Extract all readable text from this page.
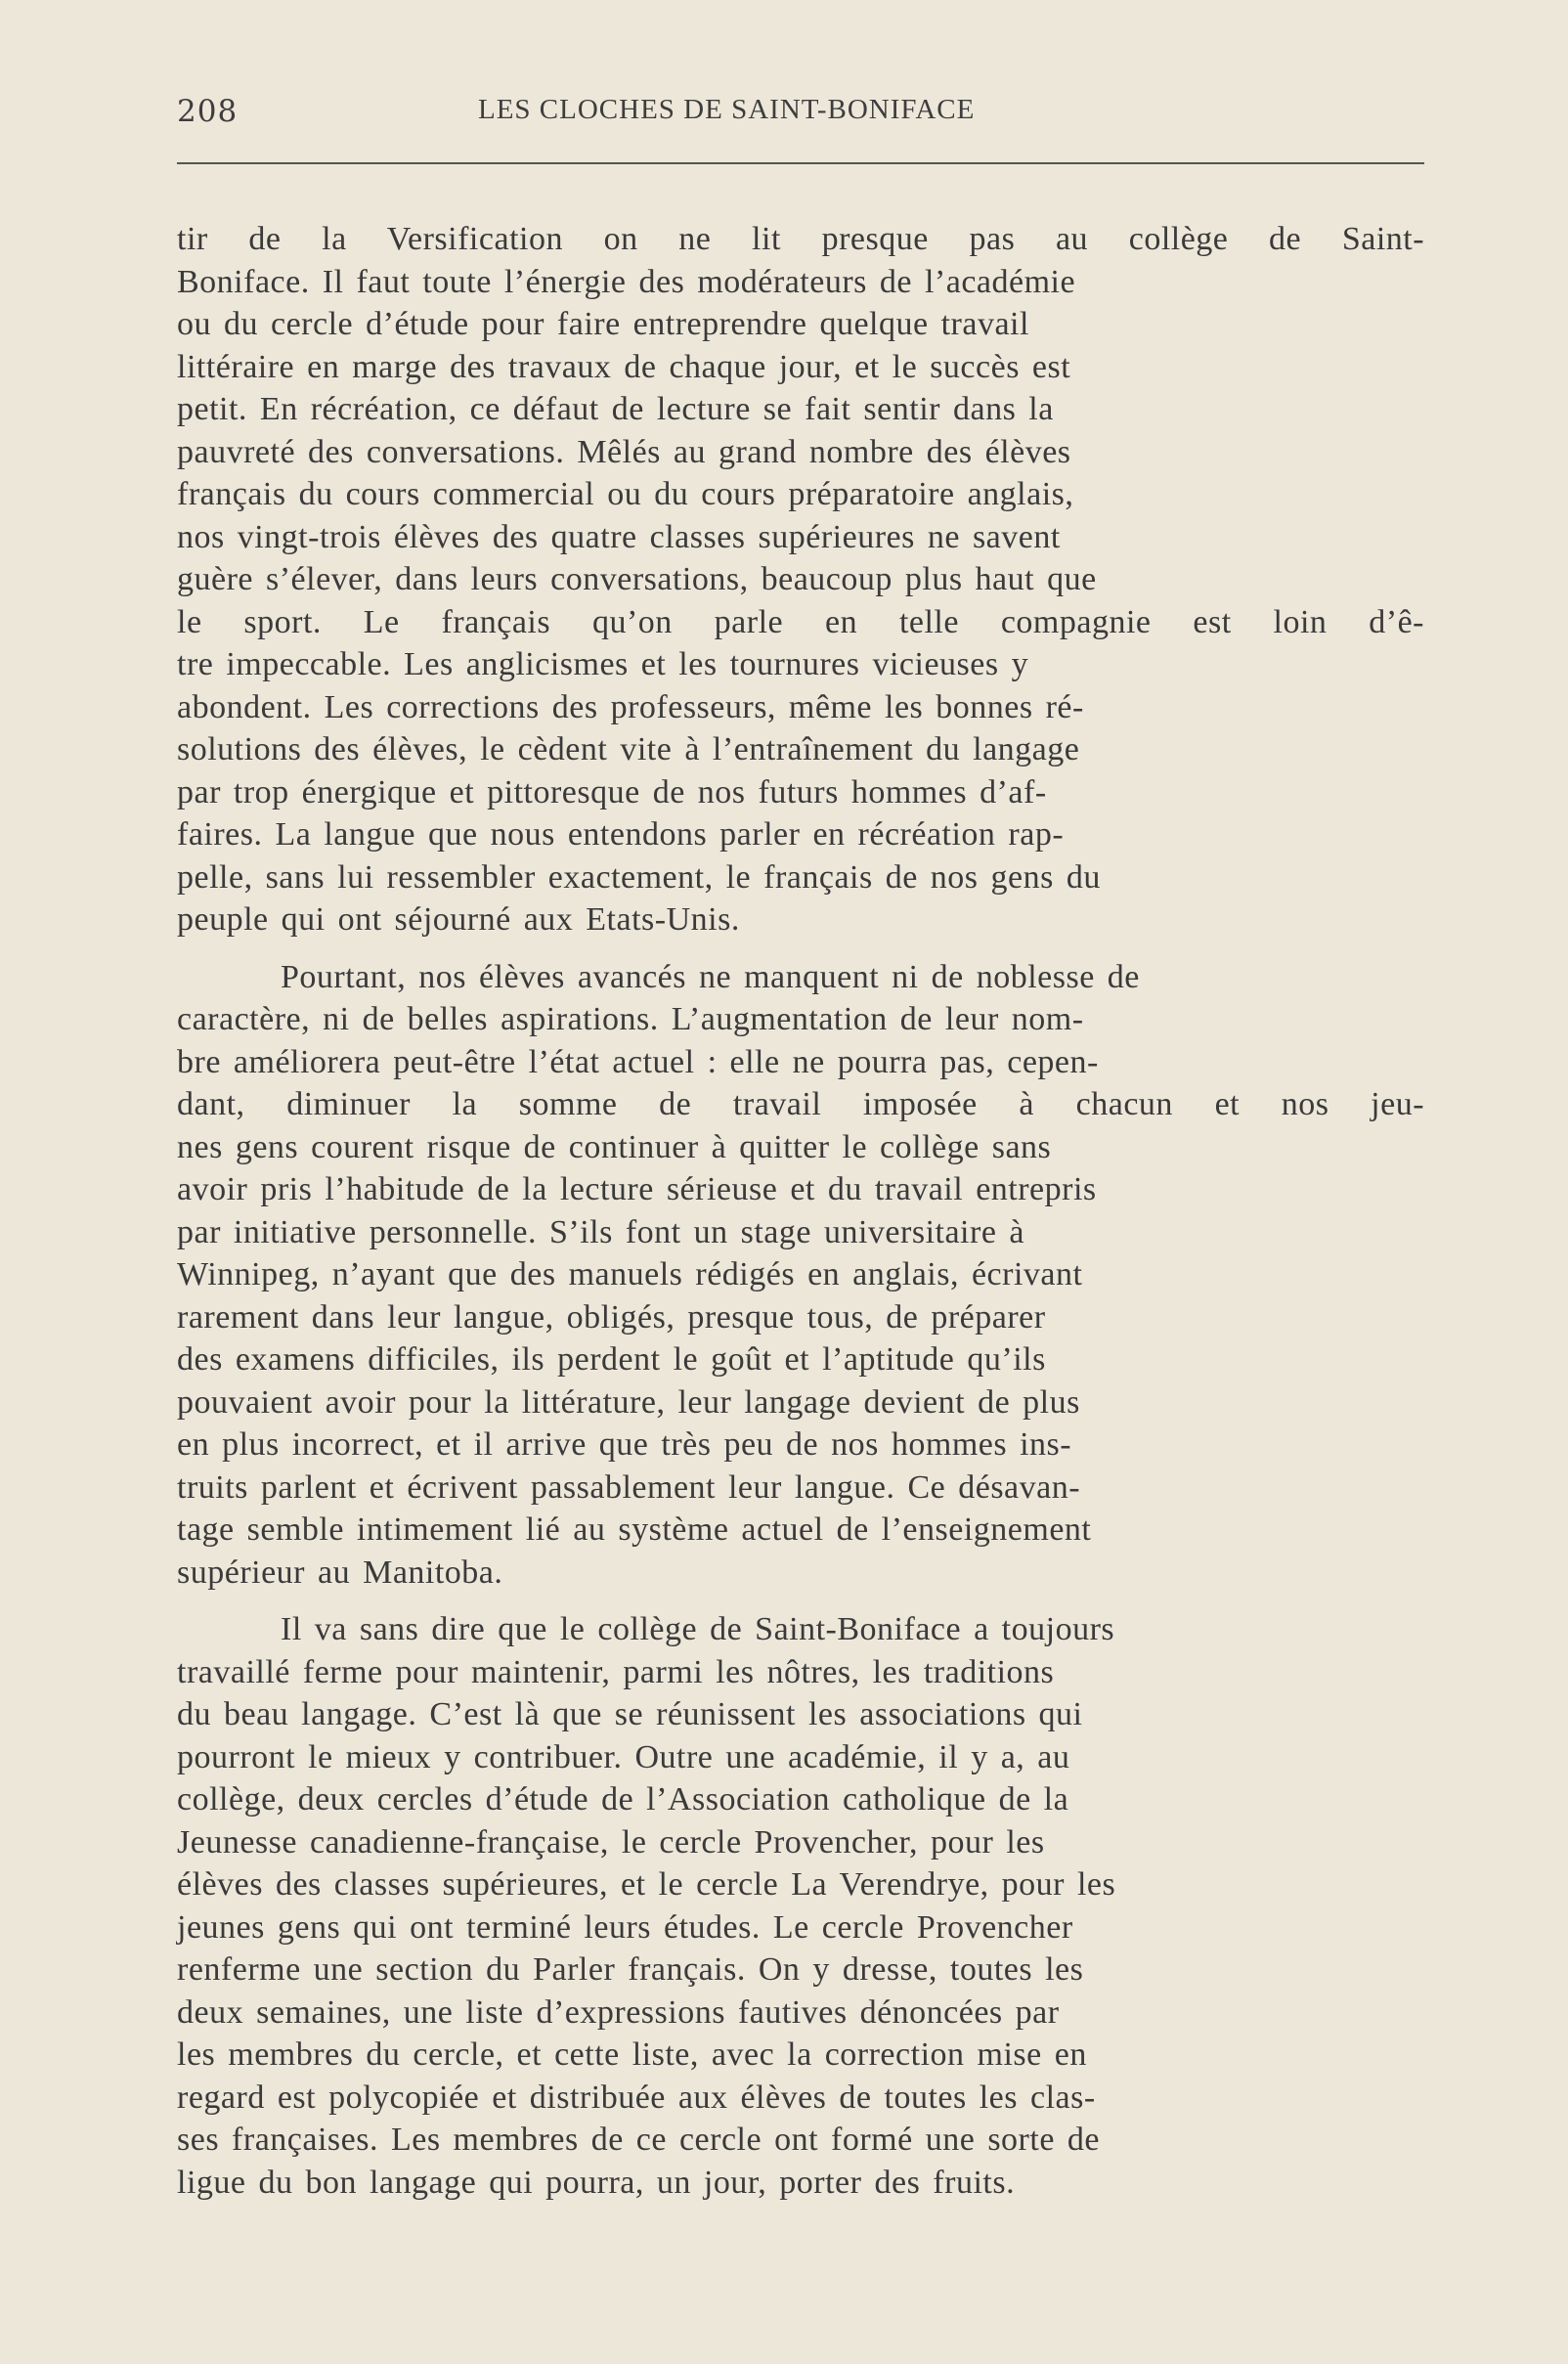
208	LES CLOCHES DE SAINT-BONIFACE
tir de la Versification on ne lit presque pas au collège de Saint-
Boniface. Il faut toute l’énergie des modérateurs de l’académie
ou du cercle d’étude pour faire entreprendre quelque travail
littéraire en marge des travaux de chaque jour, et le succès est
petit. En récréation, ce défaut de lecture se fait sentir dans la
pauvreté des conversations. Mêlés au grand nombre des élèves
français du cours commercial ou du cours préparatoire anglais,
nos vingt-trois élèves des quatre classes supérieures ne savent
guère s’élever, dans leurs conversations, beaucoup plus haut que
le sport. Le français qu’on parle en telle compagnie est loin d’ê-
tre impeccable. Les anglicismes et les tournures vicieuses y
abondent. Les corrections des professeurs, même les bonnes ré-
solutions des élèves, le cèdent vite à l’entraînement du langage
par trop énergique et pittoresque de nos futurs hommes d’af-
faires. La langue que nous entendons parler en récréation rap-
pelle, sans lui ressembler exactement, le français de nos gens du
peuple qui ont séjourné aux Etats-Unis.
Pourtant, nos élèves avancés ne manquent ni de noblesse de
caractère, ni de belles aspirations. L’augmentation de leur nom-
bre améliorera peut-être l’état actuel : elle ne pourra pas, cepen-
dant, diminuer la somme de travail imposée à chacun et nos jeu-
nes gens courent risque de continuer à quitter le collège sans
avoir pris l’habitude de la lecture sérieuse et du travail entrepris
par initiative personnelle. S’ils font un stage universitaire à
Winnipeg, n’ayant que des manuels rédigés en anglais, écrivant
rarement dans leur langue, obligés, presque tous, de préparer
des examens difficiles, ils perdent le goût et l’aptitude qu’ils
pouvaient avoir pour la littérature, leur langage devient de plus
en plus incorrect, et il arrive que très peu de nos hommes ins-
truits parlent et écrivent passablement leur langue. Ce désavan-
tage semble intimement lié au système actuel de l’enseignement
supérieur au Manitoba.
Il va sans dire que le collège de Saint-Boniface a toujours
travaillé ferme pour maintenir, parmi les nôtres, les traditions
du beau langage. C’est là que se réunissent les associations qui
pourront le mieux y contribuer. Outre une académie, il y a, au
collège, deux cercles d’étude de l’Association catholique de la
Jeunesse canadienne-française, le cercle Provencher, pour les
élèves des classes supérieures, et le cercle La Verendrye, pour les
jeunes gens qui ont terminé leurs études. Le cercle Provencher
renferme une section du Parler français. On y dresse, toutes les
deux semaines, une liste d’expressions fautives dénoncées par
les membres du cercle, et cette liste, avec la correction mise en
regard est polycopiée et distribuée aux élèves de toutes les clas-
ses françaises. Les membres de ce cercle ont formé une sorte de
ligue du bon langage qui pourra, un jour, porter des fruits.
